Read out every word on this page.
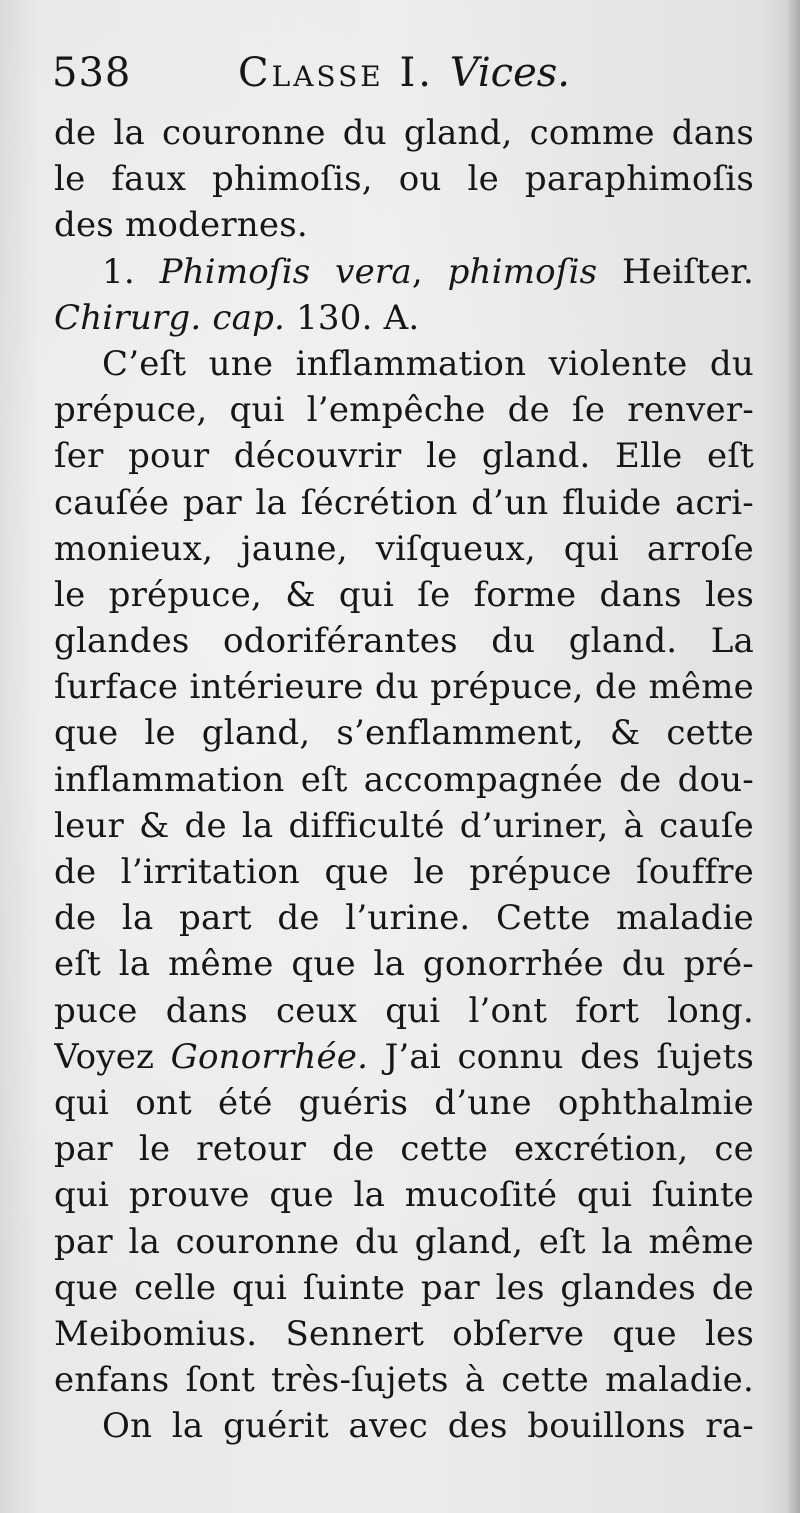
538	Classe I. Vices.
de la couronne du gland, comme dans
le faux phimoſis, ou le paraphimoſis
des modernes.
1. Phimoſis vera, phimoſis Heiſter.
Chirurg. cap. 130. A.
C’eſt une inflammation violente du
prépuce, qui l’empêche de ſe renver-
ſer pour découvrir le gland. Elle eſt
cauſée par la ſécrétion d’un fluide acri-
monieux, jaune, viſqueux, qui arroſe
le prépuce, & qui ſe forme dans les
glandes odoriférantes du gland. La
ſurface intérieure du prépuce, de même
que le gland, s’enflamment, & cette
inflammation eſt accompagnée de dou-
leur & de la difficulté d’uriner, à cauſe
de l’irritation que le prépuce ſouffre
de la part de l’urine. Cette maladie
eſt la même que la gonorrhée du pré-
puce dans ceux qui l’ont fort long.
Voyez Gonorrhée. J’ai connu des ſujets
qui ont été guéris d’une ophthalmie
par le retour de cette excrétion, ce
qui prouve que la mucoſité qui ſuinte
par la couronne du gland, eſt la même
que celle qui ſuinte par les glandes de
Meibomius. Sennert obſerve que les
enfans ſont très-ſujets à cette maladie.
On la guérit avec des bouillons ra-
